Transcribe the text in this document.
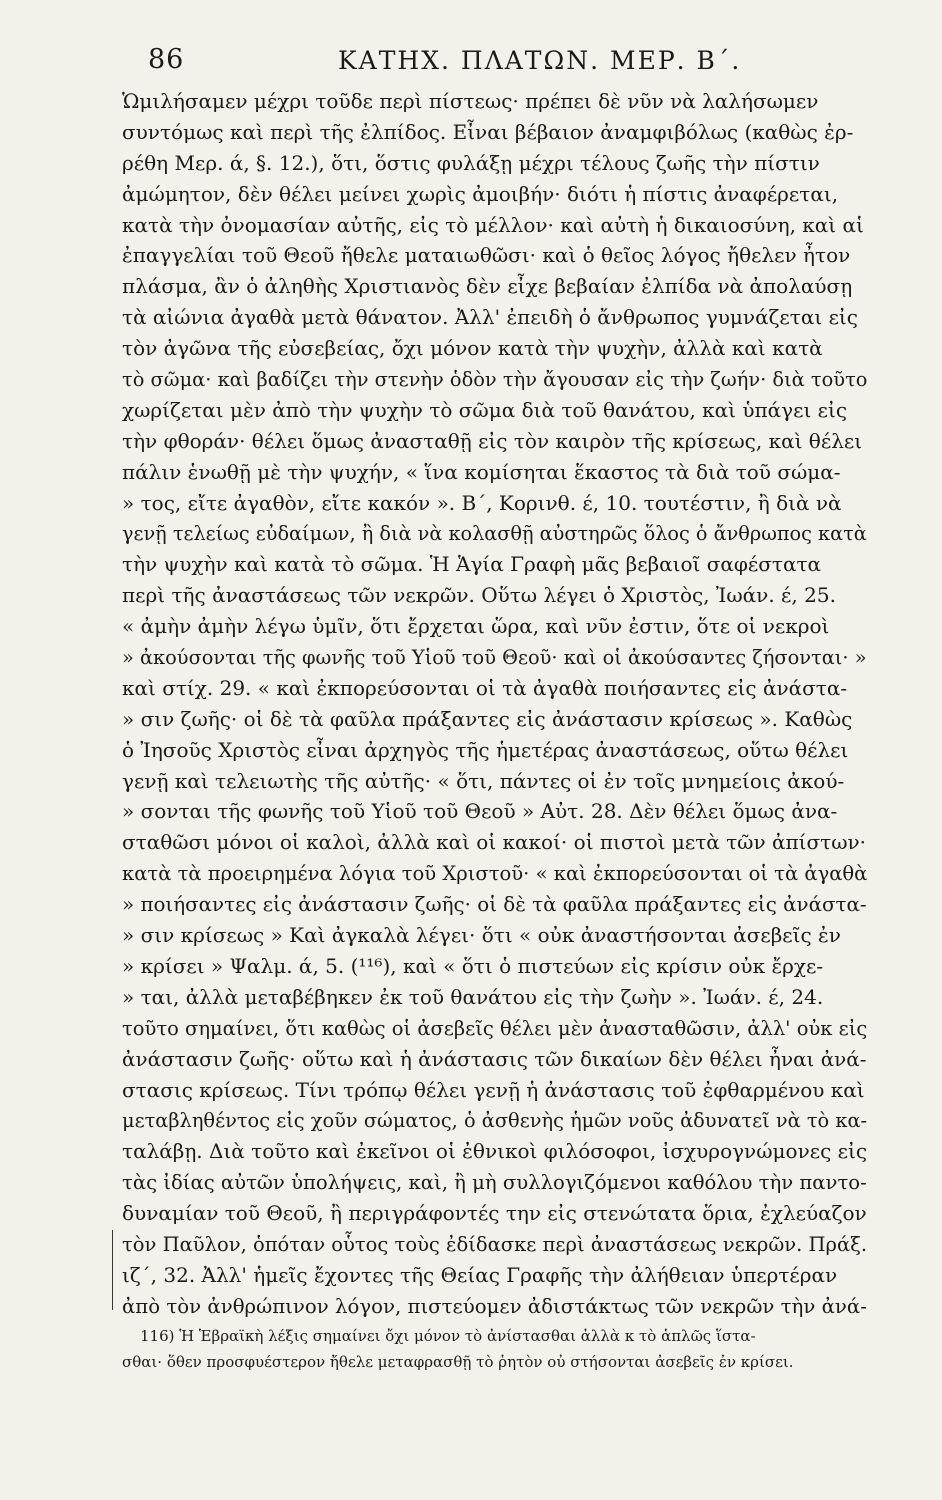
86	ΚΑΤΗΧ. ΠΛΑΤΩΝ. ΜΕΡ. Β΄.
Ὡμιλήσαμεν μέχρι τοῦδε περὶ πίστεως· πρέπει δὲ νῦν νὰ λαλήσωμεν
συντόμως καὶ περὶ τῆς ἐλπίδος. Εἶναι βέβαιον ἀναμφιβόλως (καθὼς ἐρ-
ρέθη Μερ. ά, §. 12.), ὅτι, ὅστις φυλάξῃ μέχρι τέλους ζωῆς τὴν πίστιν
ἀμώμητον, δὲν θέλει μείνει χωρὶς ἀμοιβήν· διότι ἡ πίστις ἀναφέρεται,
κατὰ τὴν ὀνομασίαν αὐτῆς, εἰς τὸ μέλλον· καὶ αὐτὴ ἡ δικαιοσύνη, καὶ αἱ
ἐπαγγελίαι τοῦ Θεοῦ ἤθελε ματαιωθῶσι· καὶ ὁ θεῖος λόγος ἤθελεν ἦτον
πλάσμα, ἂν ὁ ἀληθὴς Χριστιανὸς δὲν εἶχε βεβαίαν ἐλπίδα νὰ ἀπολαύσῃ
τὰ αἰώνια ἀγαθὰ μετὰ θάνατον. Ἀλλ' ἐπειδὴ ὁ ἄνθρωπος γυμνάζεται εἰς
τὸν ἀγῶνα τῆς εὐσεβείας, ὄχι μόνον κατὰ τὴν ψυχὴν, ἀλλὰ καὶ κατὰ
τὸ σῶμα· καὶ βαδίζει τὴν στενὴν ὁδὸν τὴν ἄγουσαν εἰς τὴν ζωήν· διὰ τοῦτο
χωρίζεται μὲν ἀπὸ τὴν ψυχὴν τὸ σῶμα διὰ τοῦ θανάτου, καὶ ὑπάγει εἰς
τὴν φθοράν· θέλει ὅμως ἀνασταθῇ εἰς τὸν καιρὸν τῆς κρίσεως, καὶ θέλει
πάλιν ἑνωθῇ μὲ τὴν ψυχήν, « ἵνα κομίσηται ἕκαστος τὰ διὰ τοῦ σώμα-
» τος, εἴτε ἀγαθὸν, εἴτε κακόν ». Β΄, Κορινθ. έ, 10. τουτέστιν, ἢ διὰ νὰ
γενῇ τελείως εὐδαίμων, ἢ διὰ νὰ κολασθῇ αὐστηρῶς ὅλος ὁ ἄνθρωπος κατὰ
τὴν ψυχὴν καὶ κατὰ τὸ σῶμα. Ἡ Ἁγία Γραφὴ μᾶς βεβαιοῖ σαφέστατα
περὶ τῆς ἀναστάσεως τῶν νεκρῶν. Οὕτω λέγει ὁ Χριστὸς, Ἰωάν. έ, 25.
« ἀμὴν ἀμὴν λέγω ὑμῖν, ὅτι ἔρχεται ὥρα, καὶ νῦν ἐστιν, ὅτε οἱ νεκροὶ
» ἀκούσονται τῆς φωνῆς τοῦ Υἱοῦ τοῦ Θεοῦ· καὶ οἱ ἀκούσαντες ζήσονται· »
καὶ στίχ. 29. « καὶ ἐκπορεύσονται οἱ τὰ ἀγαθὰ ποιήσαντες εἰς ἀνάστα-
» σιν ζωῆς· οἱ δὲ τὰ φαῦλα πράξαντες εἰς ἀνάστασιν κρίσεως ». Καθὼς
ὁ Ἰησοῦς Χριστὸς εἶναι ἀρχηγὸς τῆς ἡμετέρας ἀναστάσεως, οὕτω θέλει
γενῇ καὶ τελειωτὴς τῆς αὐτῆς· « ὅτι, πάντες οἱ ἐν τοῖς μνημείοις ἀκού-
» σονται τῆς φωνῆς τοῦ Υἱοῦ τοῦ Θεοῦ » Αὐτ. 28. Δὲν θέλει ὅμως ἀνα-
σταθῶσι μόνοι οἱ καλοὶ, ἀλλὰ καὶ οἱ κακοί· οἱ πιστοὶ μετὰ τῶν ἀπίστων·
κατὰ τὰ προειρημένα λόγια τοῦ Χριστοῦ· « καὶ ἐκπορεύσονται οἱ τὰ ἀγαθὰ
» ποιήσαντες εἰς ἀνάστασιν ζωῆς· οἱ δὲ τὰ φαῦλα πράξαντες εἰς ἀνάστα-
» σιν κρίσεως » Καὶ ἀγκαλὰ λέγει· ὅτι « οὐκ ἀναστήσονται ἀσεβεῖς ἐν
» κρίσει » Ψαλμ. ά, 5. (¹¹⁶), καὶ « ὅτι ὁ πιστεύων εἰς κρίσιν οὐκ ἔρχε-
» ται, ἀλλὰ μεταβέβηκεν ἐκ τοῦ θανάτου εἰς τὴν ζωὴν ». Ἰωάν. έ, 24.
τοῦτο σημαίνει, ὅτι καθὼς οἱ ἀσεβεῖς θέλει μὲν ἀνασταθῶσιν, ἀλλ' οὐκ εἰς
ἀνάστασιν ζωῆς· οὕτω καὶ ἡ ἀνάστασις τῶν δικαίων δὲν θέλει ἦναι ἀνά-
στασις κρίσεως. Τίνι τρόπῳ θέλει γενῇ ἡ ἀνάστασις τοῦ ἐφθαρμένου καὶ
μεταβληθέντος εἰς χοῦν σώματος, ὁ ἀσθενὴς ἡμῶν νοῦς ἀδυνατεῖ νὰ τὸ κα-
ταλάβῃ. Διὰ τοῦτο καὶ ἐκεῖνοι οἱ ἐθνικοὶ φιλόσοφοι, ἰσχυρογνώμονες εἰς
τὰς ἰδίας αὐτῶν ὑπολήψεις, καὶ, ἢ μὴ συλλογιζόμενοι καθόλου τὴν παντο-
δυναμίαν τοῦ Θεοῦ, ἢ περιγράφοντές την εἰς στενώτατα ὅρια, ἐχλεύαζον
τὸν Παῦλον, ὁπόταν οὗτος τοὺς ἐδίδασκε περὶ ἀναστάσεως νεκρῶν. Πράξ.
ιζ΄, 32. Ἀλλ' ἡμεῖς ἔχοντες τῆς Θείας Γραφῆς τὴν ἀλήθειαν ὑπερτέραν
ἀπὸ τὸν ἀνθρώπινον λόγον, πιστεύομεν ἀδιστάκτως τῶν νεκρῶν τὴν ἀνά-
116) Ἡ Ἑβραϊκὴ λέξις σημαίνει ὄχι μόνον τὸ ἀνίστασθαι ἀλλὰ κ τὸ ἁπλῶς ἵστα-
σθαι· ὅθεν προσφυέστερον ἤθελε μεταφρασθῇ τὸ ῥητὸν οὐ στήσονται ἀσεβεῖς ἐν κρίσει.
